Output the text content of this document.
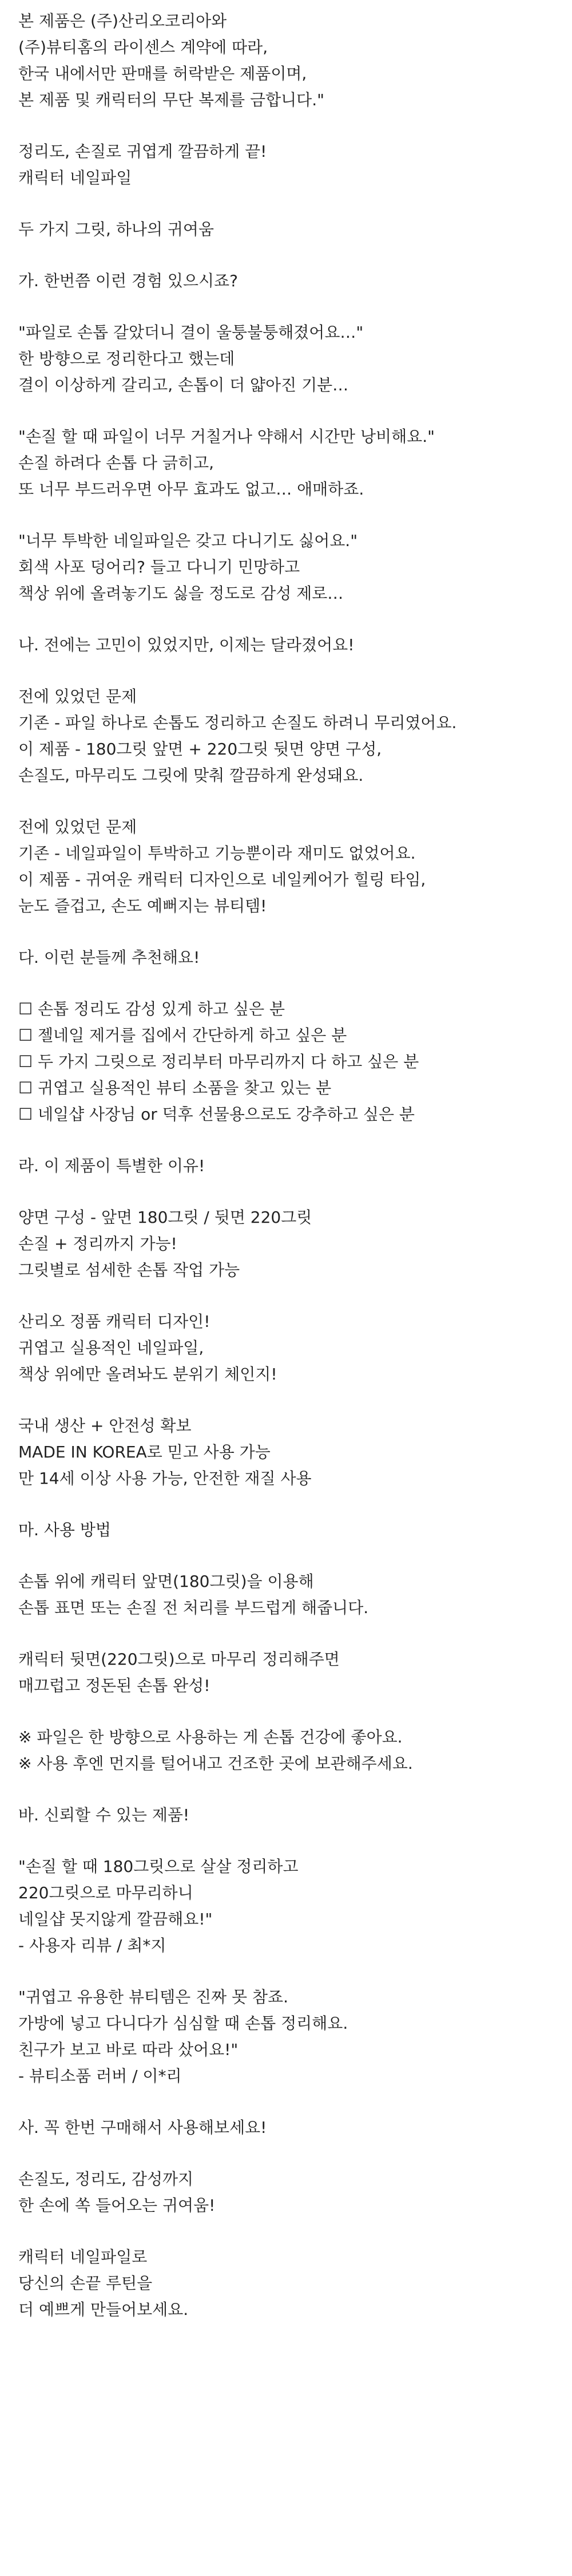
본 제품은 (주)산리오코리아와
(주)뷰티홈의 라이센스 계약에 따라,
한국 내에서만 판매를 허락받은 제품이며,
본 제품 및 캐릭터의 무단 복제를 금합니다."
정리도, 손질로 귀엽게 깔끔하게 끝!
캐릭터 네일파일
두 가지 그릿, 하나의 귀여움
가. 한번쯤 이런 경험 있으시죠?
"파일로 손톱 갈았더니 결이 울퉁불퉁해졌어요…"
한 방향으로 정리한다고 했는데
결이 이상하게 갈리고, 손톱이 더 얇아진 기분…
"손질 할 때 파일이 너무 거칠거나 약해서 시간만 낭비해요."
손질 하려다 손톱 다 긁히고,
또 너무 부드러우면 아무 효과도 없고… 애매하죠.
"너무 투박한 네일파일은 갖고 다니기도 싫어요."
회색 사포 덩어리? 들고 다니기 민망하고
책상 위에 올려놓기도 싫을 정도로 감성 제로…
나. 전에는 고민이 있었지만, 이제는 달라졌어요!
전에 있었던 문제
기존 - 파일 하나로 손톱도 정리하고 손질도 하려니 무리였어요.
이 제품 - 180그릿 앞면 + 220그릿 뒷면 양면 구성,
손질도, 마무리도 그릿에 맞춰 깔끔하게 완성돼요.
전에 있었던 문제
기존 - 네일파일이 투박하고 기능뿐이라 재미도 없었어요.
이 제품 - 귀여운 캐릭터 디자인으로 네일케어가 힐링 타임,
눈도 즐겁고, 손도 예뻐지는 뷰티템!
다. 이런 분들께 추천해요!
☐ 손톱 정리도 감성 있게 하고 싶은 분
☐ 젤네일 제거를 집에서 간단하게 하고 싶은 분
☐ 두 가지 그릿으로 정리부터 마무리까지 다 하고 싶은 분
☐ 귀엽고 실용적인 뷰티 소품을 찾고 있는 분
☐ 네일샵 사장님 or 덕후 선물용으로도 강추하고 싶은 분
라. 이 제품이 특별한 이유!
양면 구성 - 앞면 180그릿 / 뒷면 220그릿
손질 + 정리까지 가능!
그릿별로 섬세한 손톱 작업 가능
산리오 정품 캐릭터 디자인!
귀엽고 실용적인 네일파일,
책상 위에만 올려놔도 분위기 체인지!
국내 생산 + 안전성 확보
MADE IN KOREA로 믿고 사용 가능
만 14세 이상 사용 가능, 안전한 재질 사용
마. 사용 방법
손톱 위에 캐릭터 앞면(180그릿)을 이용해
손톱 표면 또는 손질 전 처리를 부드럽게 해줍니다.
캐릭터 뒷면(220그릿)으로 마무리 정리해주면
매끄럽고 정돈된 손톱 완성!
※ 파일은 한 방향으로 사용하는 게 손톱 건강에 좋아요.
※ 사용 후엔 먼지를 털어내고 건조한 곳에 보관해주세요.
바. 신뢰할 수 있는 제품!
"손질 할 때 180그릿으로 살살 정리하고
220그릿으로 마무리하니
네일샵 못지않게 깔끔해요!"
- 사용자 리뷰 / 최*지
"귀엽고 유용한 뷰티템은 진짜 못 참죠.
가방에 넣고 다니다가 심심할 때 손톱 정리해요.
친구가 보고 바로 따라 샀어요!"
- 뷰티소품 러버 / 이*리
사. 꼭 한번 구매해서 사용해보세요!
손질도, 정리도, 감성까지
한 손에 쏙 들어오는 귀여움!
캐릭터 네일파일로
당신의 손끝 루틴을
더 예쁘게 만들어보세요.
